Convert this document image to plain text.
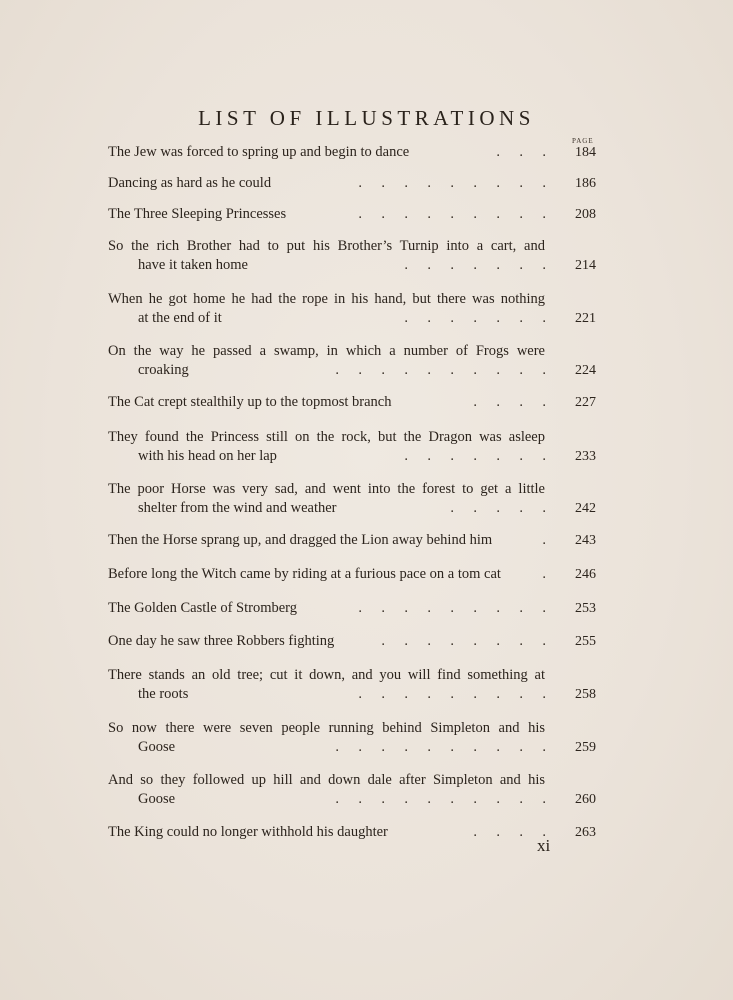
LIST OF ILLUSTRATIONS
PAGE
The Jew was forced to spring up and begin to dance	. . .	184
Dancing as hard as he could	. . . . . . . . .	186
The Three Sleeping Princesses	. . . . . . . . .	208
So the rich Brother had to put his Brother’s Turnip into a cart, and
have it taken home	. . . . . . .	214
When he got home he had the rope in his hand, but there was nothing
at the end of it	. . . . . . .	221
On the way he passed a swamp, in which a number of Frogs were
croaking	. . . . . . . . . .	224
The Cat crept stealthily up to the topmost branch	. . . .	227
They found the Princess still on the rock, but the Dragon was asleep
with his head on her lap	. . . . . . .	233
The poor Horse was very sad, and went into the forest to get a little
shelter from the wind and weather	. . . . .	242
Then the Horse sprang up, and dragged the Lion away behind him	.	243
Before long the Witch came by riding at a furious pace on a tom cat	.	246
The Golden Castle of Stromberg	. . . . . . . . .	253
One day he saw three Robbers fighting	. . . . . . . .	255
There stands an old tree; cut it down, and you will find something at
the roots	. . . . . . . . .	258
So now there were seven people running behind Simpleton and his
Goose	. . . . . . . . . .	259
And so they followed up hill and down dale after Simpleton and his
Goose	. . . . . . . . . .	260
The King could no longer withhold his daughter	. . . .	263
xi
